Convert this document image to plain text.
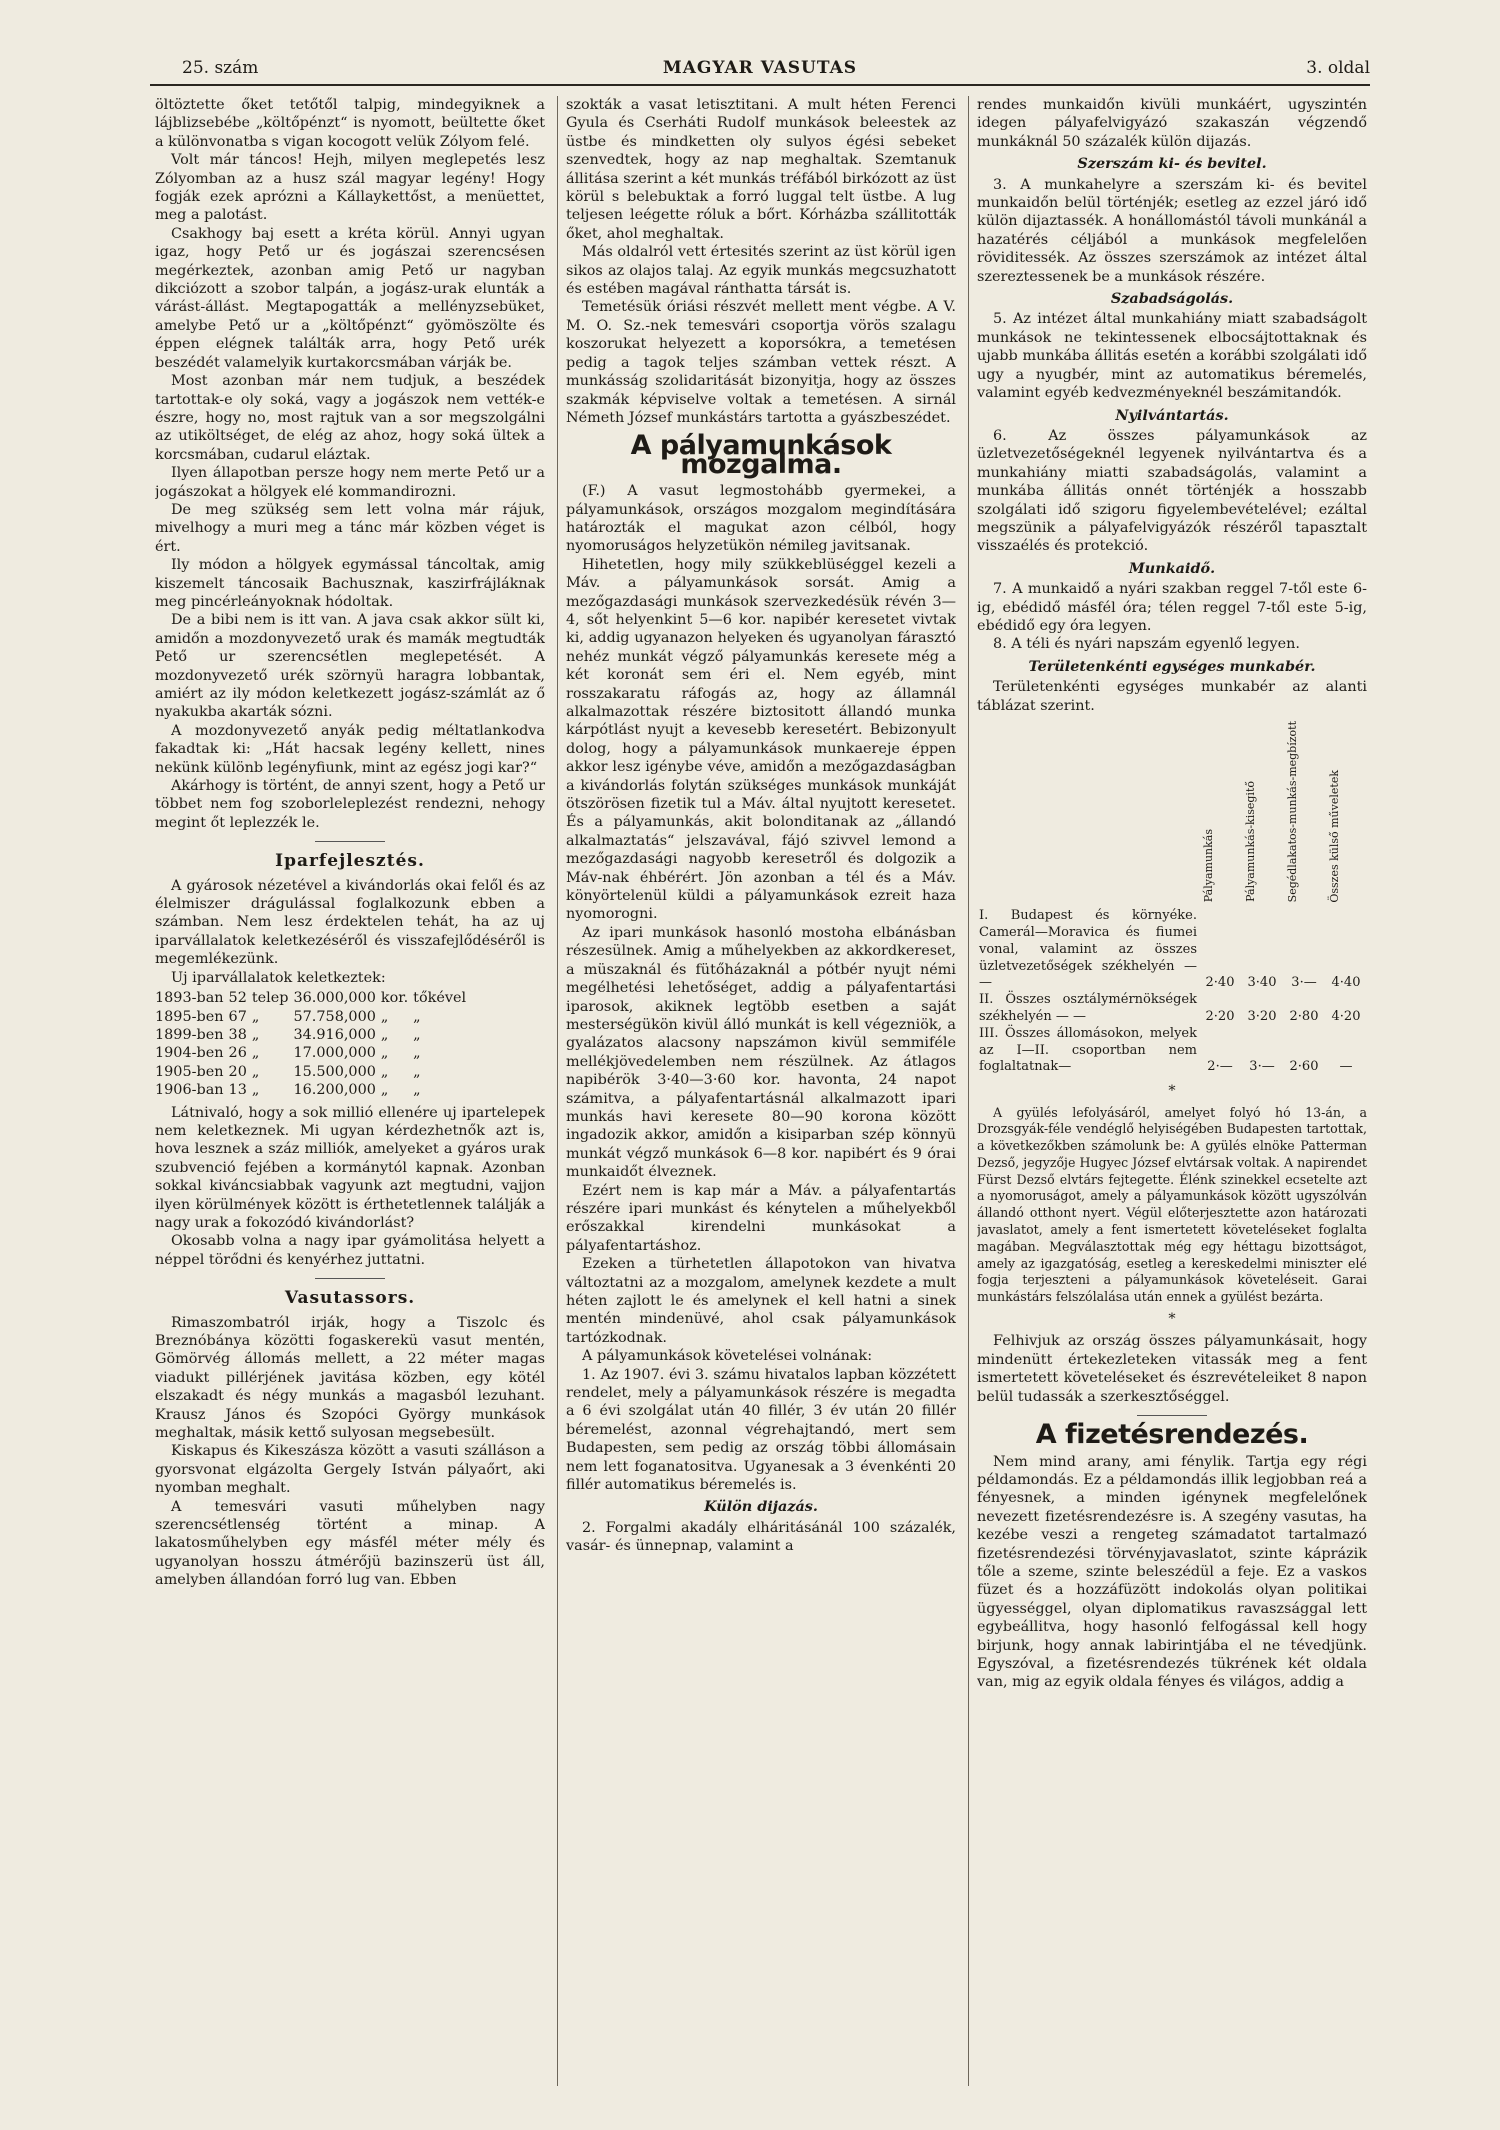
25. szám	MAGYAR VASUTAS	3. oldal

öltöztette őket tetőtől talpig, mindegyiknek a lájblizsebébe „költőpénzt“ is nyomott, beültette őket a különvonatba s vigan kocogott velük Zólyom felé.

Volt már táncos! Hejh, milyen meglepetés lesz Zólyomban az a husz szál magyar legény! Hogy fogják ezek aprózni a Kállaykettőst, a menüettet, meg a palotást.

Csakhogy baj esett a kréta körül. Annyi ugyan igaz, hogy Pető ur és jogászai szerencsésen megérkeztek, azonban amig Pető ur nagyban dikciózott a szobor talpán, a jogász-urak elunták a várást-állást. Megtapogatták a mellényzsebüket, amelybe Pető ur a „költőpénzt“ gyömöszölte és éppen elégnek találták arra, hogy Pető urék beszédét valamelyik kurtakorcsmában várják be.

Most azonban már nem tudjuk, a beszédek tartottak-e oly soká, vagy a jogászok nem vették-e észre, hogy no, most rajtuk van a sor megszolgálni az utiköltséget, de elég az ahoz, hogy soká ültek a korcsmában, cudarul eláztak.

Ilyen állapotban persze hogy nem merte Pető ur a jogászokat a hölgyek elé kommandirozni.

De meg szükség sem lett volna már rájuk, mivelhogy a muri meg a tánc már közben véget is ért.

Ily módon a hölgyek egymással táncoltak, amig kiszemelt táncosaik Bachusznak, kaszirfrájláknak meg pincérleányoknak hódoltak.

De a bibi nem is itt van. A java csak akkor sült ki, amidőn a mozdonyvezető urak és mamák megtudták Pető ur szerencsétlen meglepetését. A mozdonyvezető urék szörnyü haragra lobbantak, amiért az ily módon keletkezett jogász-számlát az ő nyakukba akarták sózni.

A mozdonyvezető anyák pedig méltatlankodva fakadtak ki: „Hát hacsak legény kellett, nines nekünk különb legényfiunk, mint az egész jogi kar?“

Akárhogy is történt, de annyi szent, hogy a Pető ur többet nem fog szoborleleplezést rendezni, nehogy megint őt leplezzék le.

Iparfejlesztés.

A gyárosok nézetével a kivándorlás okai felől és az élelmiszer drágulással foglalkozunk ebben a számban. Nem lesz érdektelen tehát, ha az uj iparvállalatok keletkezéséről és visszafejlődéséről is megemlékezünk.

Uj iparvállalatok keletkeztek:

1893-ban	52	telep	36.000,000	kor.	tőkével
1895-ben	67	„	57.758,000	„	„
1899-ben	38	„	34.916,000	„	„
1904-ben	26	„	17.000,000	„	„
1905-ben	20	„	15.500,000	„	„
1906-ban	13	„	16.200,000	„	„

Látnivaló, hogy a sok millió ellenére uj ipartelepek nem keletkeznek. Mi ugyan kérdezhetnők azt is, hova lesznek a száz milliók, amelyeket a gyáros urak szubvenció fejében a kormánytól kapnak. Azonban sokkal kiváncsiabbak vagyunk azt megtudni, vajjon ilyen körülmények között is érthetetlennek találják a nagy urak a fokozódó kivándorlást?

Okosabb volna a nagy ipar gyámolitása helyett a néppel törődni és kenyérhez juttatni.

Vasutassors.

Rimaszombatról irják, hogy a Tiszolc és Breznóbánya közötti fogaskerekü vasut mentén, Gömörvég állomás mellett, a 22 méter magas viadukt pillérjének javitása közben, egy kötél elszakadt és négy munkás a magasból lezuhant. Krausz János és Szopóci György munkások meghaltak, másik kettő sulyosan megsebesült.

Kiskapus és Kikeszásza között a vasuti szálláson a gyorsvonat elgázolta Gergely István pályaőrt, aki nyomban meghalt.

A temesvári vasuti műhelyben nagy szerencsétlenség történt a minap. A lakatosműhelyben egy másfél méter mély és ugyanolyan hosszu átmérőjü bazinszerü üst áll, amelyben állandóan forró lug van. Ebben

szokták a vasat letisztitani. A mult héten Ferenci Gyula és Cserháti Rudolf munkások beleestek az üstbe és mindketten oly sulyos égési sebeket szenvedtek, hogy az nap meghaltak. Szemtanuk állitása szerint a két munkás tréfából birkózott az üst körül s belebuktak a forró luggal telt üstbe. A lug teljesen leégette róluk a bőrt. Kórházba szállitották őket, ahol meghaltak.

Más oldalról vett értesités szerint az üst körül igen sikos az olajos talaj. Az egyik munkás megcsuzhatott és estében magával ránthatta társát is.

Temetésük óriási részvét mellett ment végbe. A V. M. O. Sz.-nek temesvári csoportja vörös szalagu koszorukat helyezett a koporsókra, a temetésen pedig a tagok teljes számban vettek részt. A munkásság szolidaritását bizonyitja, hogy az összes szakmák képviselve voltak a temetésen. A sirnál Németh József munkástárs tartotta a gyászbeszédet.

A pályamunkások mozgalma.

(F.) A vasut legmostohább gyermekei, a pályamunkások, országos mozgalom megindítására határozták el magukat azon célból, hogy nyomoruságos helyzetükön némileg javitsanak.

Hihetetlen, hogy mily szükkeblüséggel kezeli a Máv. a pályamunkások sorsát. Amig a mezőgazdasági munkások szervezkedésük révén 3—4, sőt helyenkint 5—6 kor. napibér keresetet vivtak ki, addig ugyanazon helyeken és ugyanolyan fárasztó nehéz munkát végző pályamunkás keresete még a két koronát sem éri el. Nem egyéb, mint rosszakaratu ráfogás az, hogy az államnál alkalmazottak részére biztositott állandó munka kárpótlást nyujt a kevesebb keresetért. Bebizonyult dolog, hogy a pályamunkások munkaereje éppen akkor lesz igénybe véve, amidőn a mezőgazdaságban a kivándorlás folytán szükséges munkások munkáját ötszörösen fizetik tul a Máv. által nyujtott keresetet. És a pályamunkás, akit bolonditanak az „állandó alkalmaztatás“ jelszavával, fájó szivvel lemond a mezőgazdasági nagyobb keresetről és dolgozik a Máv-nak éhbérért. Jön azonban a tél és a Máv. könyörtelenül küldi a pályamunkások ezreit haza nyomorogni.

Az ipari munkások hasonló mostoha elbánásban részesülnek. Amig a műhelyekben az akkordkereset, a müszaknál és fütőházaknál a pótbér nyujt némi megélhetési lehetőséget, addig a pályafentartási iparosok, akiknek legtöbb esetben a saját mesterségükön kivül álló munkát is kell végezniök, a gyalázatos alacsony napszámon kivül semmiféle mellékjövedelemben nem részülnek. Az átlagos napibérök 3·40—3·60 kor. havonta, 24 napot számitva, a pályafentartásnál alkalmazott ipari munkás havi keresete 80—90 korona között ingadozik akkor, amidőn a kisiparban szép könnyü munkát végző munkások 6—8 kor. napibért és 9 órai munkaidőt élveznek.

Ezért nem is kap már a Máv. a pályafentartás részére ipari munkást és kénytelen a műhelyekből erőszakkal kirendelni munkásokat a pályafentartáshoz.

Ezeken a türhetetlen állapotokon van hivatva változtatni az a mozgalom, amelynek kezdete a mult héten zajlott le és amelynek el kell hatni a sinek mentén mindenüvé, ahol csak pályamunkások tartózkodnak.

A pályamunkások követelései volnának:

1. Az 1907. évi 3. számu hivatalos lapban közzétett rendelet, mely a pályamunkások részére is megadta a 6 évi szolgálat után 40 fillér, 3 év után 20 fillér béremelést, azonnal végrehajtandó, mert sem Budapesten, sem pedig az ország többi állomásain nem lett foganatositva. Ugyanesak a 3 évenkénti 20 fillér automatikus béremelés is.

Külön dijazás.

2. Forgalmi akadály elháritásánál 100 százalék, vasár- és ünnepnap, valamint a

rendes munkaidőn kivüli munkáért, ugyszintén idegen pályafelvigyázó szakaszán végzendő munkáknál 50 százalék külön dijazás.

Szerszám ki- és bevitel.

3. A munkahelyre a szerszám ki- és bevitel munkaidőn belül történjék; esetleg az ezzel járó idő külön dijaztassék. A honállomástól távoli munkánál a hazatérés céljából a munkások megfelelően röviditessék. Az összes szerszámok az intézet által szereztessenek be a munkások részére.

Szabadságolás.

5. Az intézet által munkahiány miatt szabadságolt munkások ne tekintessenek elbocsájtottaknak és ujabb munkába állitás esetén a korábbi szolgálati idő ugy a nyugbér, mint az automatikus béremelés, valamint egyéb kedvezményeknél beszámitandók.

Nyilvántartás.

6. Az összes pályamunkások az üzletvezetőségeknél legyenek nyilvántartva és a munkahiány miatti szabadságolás, valamint a munkába állitás onnét történjék a hosszabb szolgálati idő szigoru figyelembevételével; ezáltal megszünik a pályafelvigyázók részéről tapasztalt visszaélés és protekció.

Munkaidő.

7. A munkaidő a nyári szakban reggel 7-től este 6-ig, ebédidő másfél óra; télen reggel 7-től este 5-ig, ebédidő egy óra legyen.

8. A téli és nyári napszám egyenlő legyen.

Területenkénti egységes munkabér.

Területenkénti egységes munkabér az alanti táblázat szerint.

	Pályamunkás	Pályamunkás-kisegitő	Segédlakatos-munkás-megbízott	Összes külső műveletek
I. Budapest és környéke. Camerál—Moravica és fiumei vonal, valamint az összes üzletvezetőségek székhelyén — —	2·40	3·40	3·—	4·40
II. Összes osztálymérnökségek székhelyén — —	2·20	3·20	2·80	4·20
III. Összes állomásokon, melyek az I—II. csoportban nem foglaltatnak—	2·—	3·—	2·60	—
*

A gyülés lefolyásáról, amelyet folyó hó 13-án, a Drozsgyák-féle vendéglő helyiségében Budapesten tartottak, a következőkben számolunk be: A gyülés elnöke Patterman Dezső, jegyzője Hugyec József elvtársak voltak. A napirendet Fürst Dezső elvtárs fejtegette. Élénk szinekkel ecsetelte azt a nyomoruságot, amely a pályamunkások között ugyszólván állandó otthont nyert. Végül előterjesztette azon határozati javaslatot, amely a fent ismertetett követeléseket foglalta magában. Megválasztottak még egy héttagu bizottságot, amely az igazgatóság, esetleg a kereskedelmi miniszter elé fogja terjeszteni a pályamunkások követeléseit. Garai munkástárs felszólalása után ennek a gyülést bezárta.

*

Felhivjuk az ország összes pályamunkásait, hogy mindenütt értekezleteken vitassák meg a fent ismertetett követeléseket és észrevételeiket 8 napon belül tudassák a szerkesztőséggel.

A fizetésrendezés.

Nem mind arany, ami fénylik. Tartja egy régi példamondás. Ez a példamondás illik legjobban reá a fényesnek, a minden igénynek megfelelőnek nevezett fizetésrendezésre is. A szegény vasutas, ha kezébe veszi a rengeteg számadatot tartalmazó fizetésrendezési törvényjavaslatot, szinte káprázik tőle a szeme, szinte beleszédül a feje. Ez a vaskos füzet és a hozzáfüzött indokolás olyan politikai ügyességgel, olyan diplomatikus ravaszsággal lett egybeállitva, hogy hasonló felfogással kell hogy birjunk, hogy annak labirintjába el ne tévedjünk. Egyszóval, a fizetésrendezés tükrének két oldala van, mig az egyik oldala fényes és világos, addig a
